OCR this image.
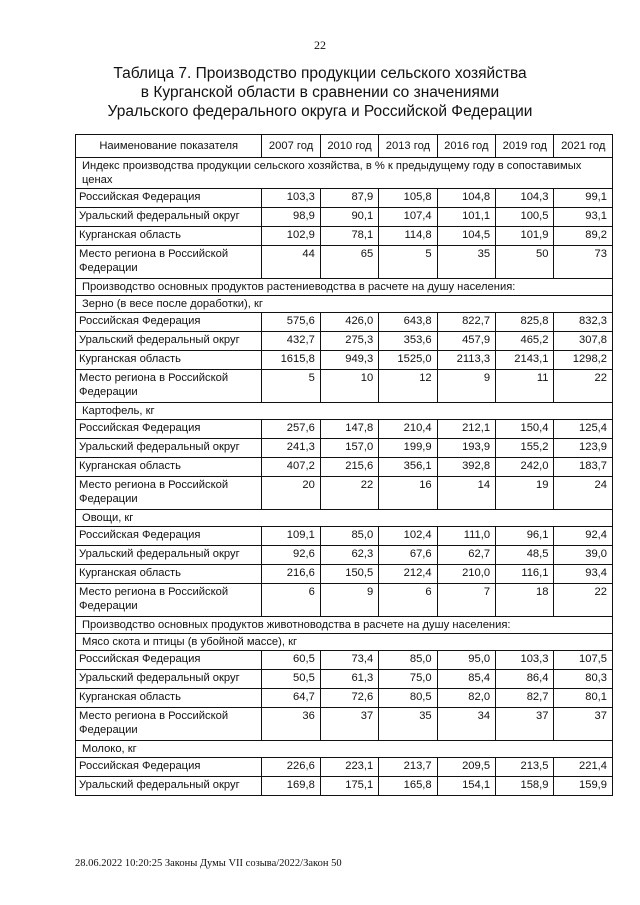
22
Таблица 7. Производство продукции сельского хозяйства
в Курганской области в сравнении со значениями
Уральского федерального округа и Российской Федерации
Наименование показателя	2007 год	2010 год	2013 год	2016 год	2019 год	2021 год
Индекс производства продукции сельского хозяйства, в % к предыдущему году в сопоставимых ценах						
Российская Федерация	103,3	87,9	105,8	104,8	104,3	99,1
Уральский федеральный округ	98,9	90,1	107,4	101,1	100,5	93,1
Курганская область	102,9	78,1	114,8	104,5	101,9	89,2
Место региона в Российской Федерации	44	65	5	35	50	73
Производство основных продуктов растениеводства в расчете на душу населения:						
Зерно (в весе после доработки), кг						
Российская Федерация	575,6	426,0	643,8	822,7	825,8	832,3
Уральский федеральный округ	432,7	275,3	353,6	457,9	465,2	307,8
Курганская область	1615,8	949,3	1525,0	2113,3	2143,1	1298,2
Место региона в Российской Федерации	5	10	12	9	11	22
Картофель, кг						
Российская Федерация	257,6	147,8	210,4	212,1	150,4	125,4
Уральский федеральный округ	241,3	157,0	199,9	193,9	155,2	123,9
Курганская область	407,2	215,6	356,1	392,8	242,0	183,7
Место региона в Российской Федерации	20	22	16	14	19	24
Овощи, кг						
Российская Федерация	109,1	85,0	102,4	111,0	96,1	92,4
Уральский федеральный округ	92,6	62,3	67,6	62,7	48,5	39,0
Курганская область	216,6	150,5	212,4	210,0	116,1	93,4
Место региона в Российской Федерации	6	9	6	7	18	22
Производство основных продуктов животноводства в расчете на душу населения:						
Мясо скота и птицы (в убойной массе), кг						
Российская Федерация	60,5	73,4	85,0	95,0	103,3	107,5
Уральский федеральный округ	50,5	61,3	75,0	85,4	86,4	80,3
Курганская область	64,7	72,6	80,5	82,0	82,7	80,1
Место региона в Российской Федерации	36	37	35	34	37	37
Молоко, кг						
Российская Федерация	226,6	223,1	213,7	209,5	213,5	221,4
Уральский федеральный округ	169,8	175,1	165,8	154,1	158,9	159,9
28.06.2022 10:20:25 Законы Думы VII созыва/2022/Закон 50
